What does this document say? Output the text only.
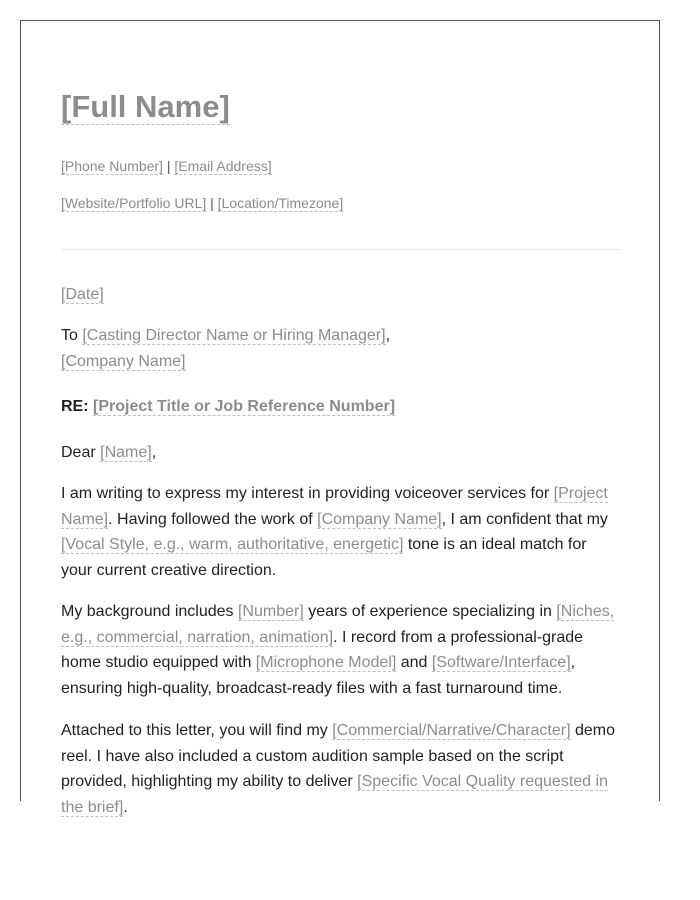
[Full Name]
[Phone Number] | [Email Address]
[Website/Portfolio URL] | [Location/Timezone]
[Date]
To [Casting Director Name or Hiring Manager],
[Company Name]
RE: [Project Title or Job Reference Number]
Dear [Name],

I am writing to express my interest in providing voiceover services for [Project Name]. Having followed the work of [Company Name], I am confident that my [Vocal Style, e.g., warm, authoritative, energetic] tone is an ideal match for your current creative direction.

My background includes [Number] years of experience specializing in [Niches, e.g., commercial, narration, animation]. I record from a professional-grade home studio equipped with [Microphone Model] and [Software/Interface], ensuring high-quality, broadcast-ready files with a fast turnaround time.

Attached to this letter, you will find my [Commercial/Narrative/Character] demo reel. I have also included a custom audition sample based on the script provided, highlighting my ability to deliver [Specific Vocal Quality requested in the brief].
